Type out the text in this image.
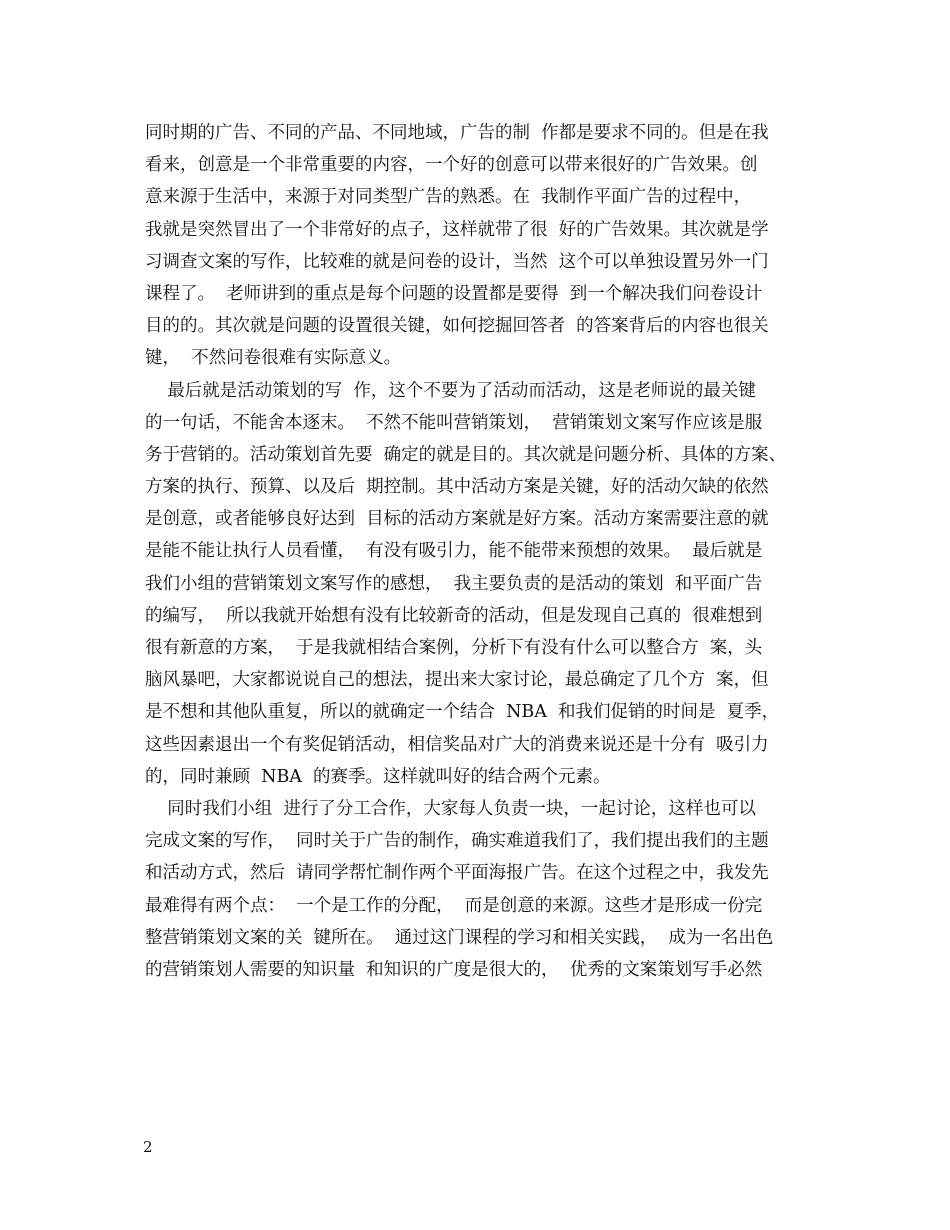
同时期的广告、不同的产品、不同地域，广告的制  作都是要求不同的。但是在我
看来，创意是一个非常重要的内容，一个好的创意可以带来很好的广告效果。创
意来源于生活中，来源于对同类型广告的熟悉。在  我制作平面广告的过程中，
我就是突然冒出了一个非常好的点子，这样就带了很  好的广告效果。其次就是学
习调查文案的写作，比较难的就是问卷的设计，当然  这个可以单独设置另外一门
课程了。  老师讲到的重点是每个问题的设置都是要得  到一个解决我们问卷设计
目的的。其次就是问题的设置很关键，如何挖掘回答者  的答案背后的内容也很关
键，  不然问卷很难有实际意义。
最后就是活动策划的写  作，这个不要为了活动而活动，这是老师说的最关键
的一句话，不能舍本逐末。  不然不能叫营销策划，  营销策划文案写作应该是服
务于营销的。活动策划首先要  确定的就是目的。其次就是问题分析、具体的方案、
方案的执行、预算、以及后  期控制。其中活动方案是关键，好的活动欠缺的依然
是创意，或者能够良好达到  目标的活动方案就是好方案。活动方案需要注意的就
是能不能让执行人员看懂，  有没有吸引力，能不能带来预想的效果。  最后就是
我们小组的营销策划文案写作的感想，  我主要负责的是活动的策划  和平面广告
的编写，  所以我就开始想有没有比较新奇的活动，但是发现自己真的  很难想到
很有新意的方案，  于是我就相结合案例，分析下有没有什么可以整合方  案，头
脑风暴吧，大家都说说自己的想法，提出来大家讨论，最总确定了几个方  案，但
是不想和其他队重复，所以的就确定一个结合  NBA  和我们促销的时间是  夏季，
这些因素退出一个有奖促销活动，相信奖品对广大的消费来说还是十分有  吸引力
的，同时兼顾  NBA  的赛季。这样就叫好的结合两个元素。
同时我们小组  进行了分工合作，大家每人负责一块，一起讨论，这样也可以
完成文案的写作，  同时关于广告的制作，确实难道我们了，我们提出我们的主题
和活动方式，然后  请同学帮忙制作两个平面海报广告。在这个过程之中，我发先
最难得有两个点：  一个是工作的分配，  而是创意的来源。这些才是形成一份完
整营销策划文案的关  键所在。  通过这门课程的学习和相关实践，  成为一名出色
的营销策划人需要的知识量  和知识的广度是很大的，  优秀的文案策划写手必然
2
